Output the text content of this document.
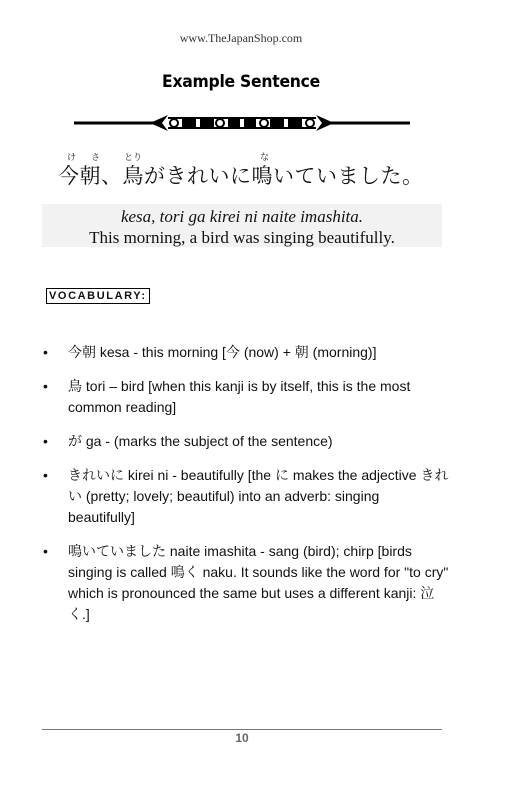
www.TheJapanShop.com
Example Sentence
け さ	とり	な
今朝、鳥がきれいに鳴いていました。
kesa, tori ga kirei ni naite imashita.
This morning, a bird was singing beautifully.
VOCABULARY:
• 今朝 kesa - this morning [今 (now) + 朝 (morning)]
• 鳥 tori – bird [when this kanji is by itself, this is the most common reading]
• が ga - (marks the subject of the sentence)
• きれいに kirei ni - beautifully [the に makes the adjective きれい (pretty; lovely; beautiful) into an adverb: singing beautifully]
• 鳴いていました naite imashita - sang (bird); chirp [birds singing is called 鳴く naku. It sounds like the word for "to cry" which is pronounced the same but uses a different kanji: 泣く.]
10
